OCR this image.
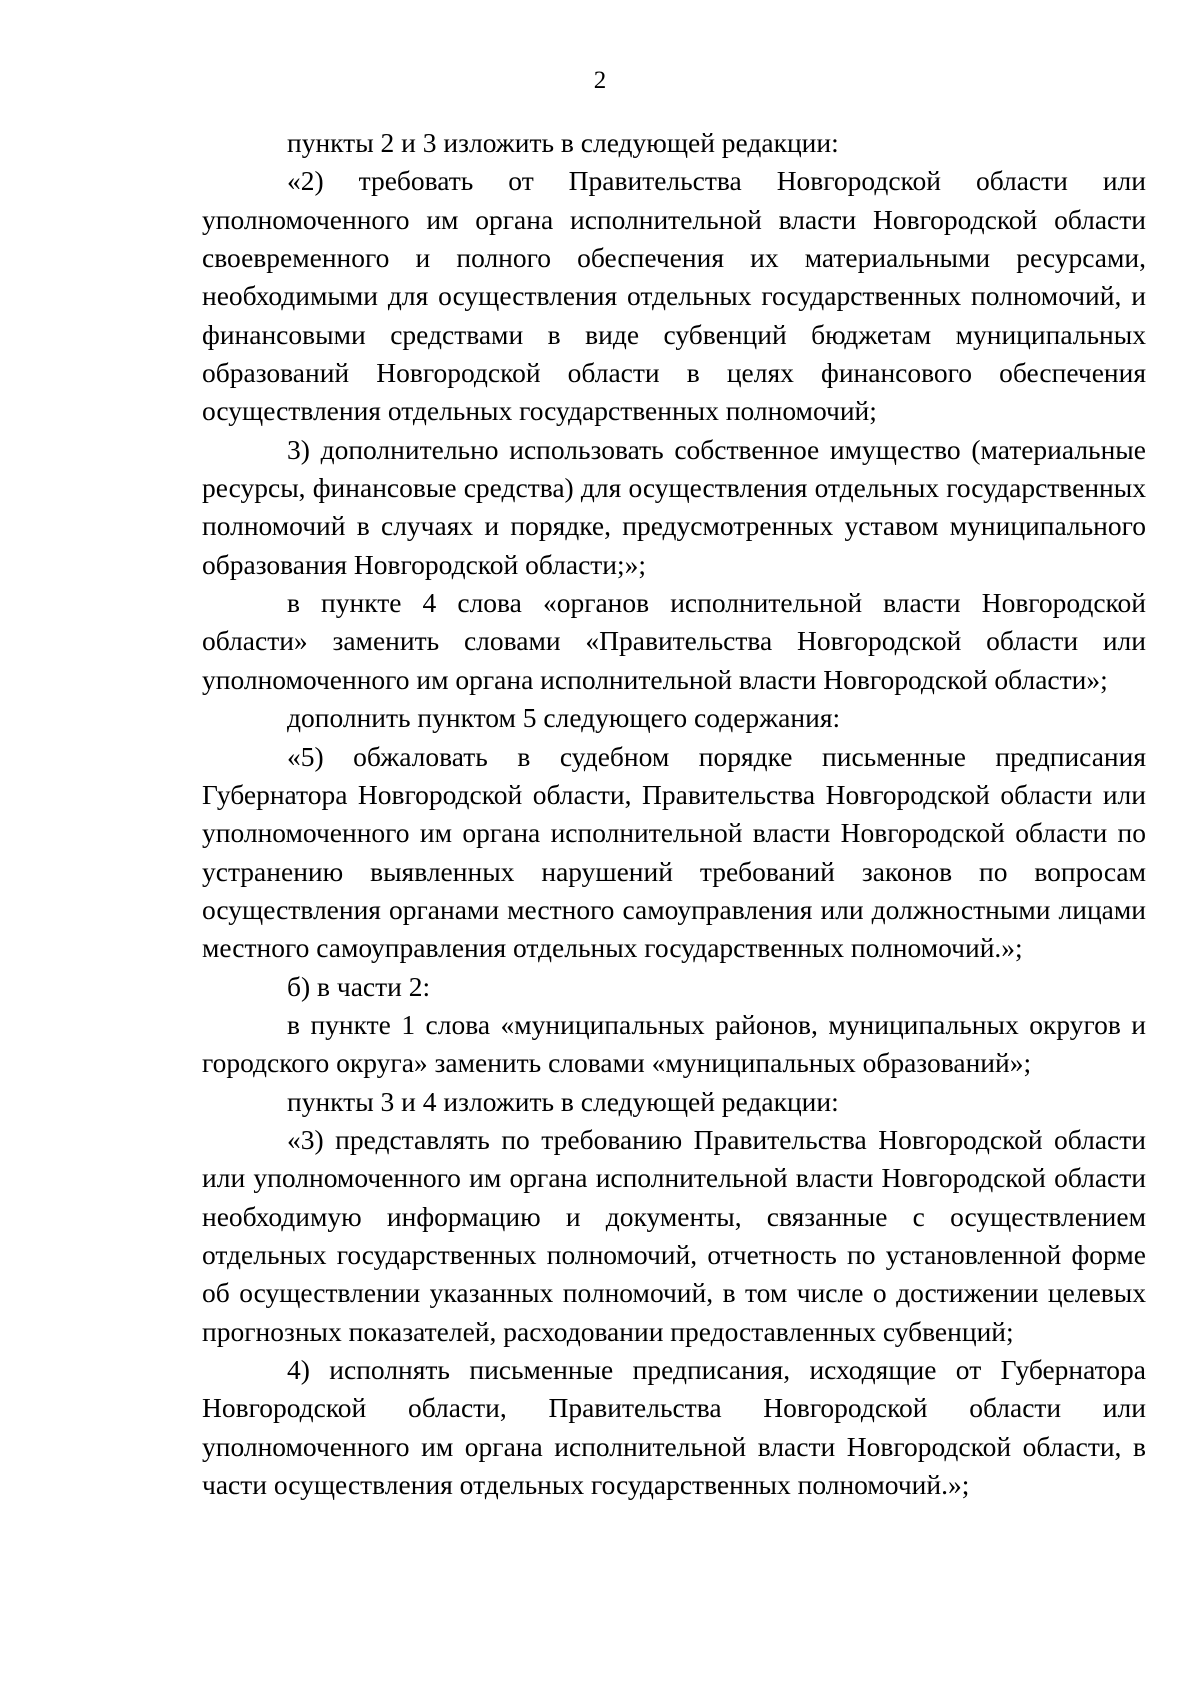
2

пункты 2 и 3 изложить в следующей редакции:

«2) требовать от Правительства Новгородской области или уполномоченного им органа исполнительной власти Новгородской области своевременного и полного обеспечения их материальными ресурсами, необходимыми для осуществления отдельных государственных полномочий, и финансовыми средствами в виде субвенций бюджетам муниципальных образований Новгородской области в целях финансового обеспечения осуществления отдельных государственных полномочий;

3) дополнительно использовать собственное имущество (материальные ресурсы, финансовые средства) для осуществления отдельных государственных полномочий в случаях и порядке, предусмотренных уставом муниципального образования Новгородской области;»;

в пункте 4 слова «органов исполнительной власти Новгородской области» заменить словами «Правительства Новгородской области или уполномоченного им органа исполнительной власти Новгородской области»;

дополнить пунктом 5 следующего содержания:

«5) обжаловать в судебном порядке письменные предписания Губернатора Новгородской области, Правительства Новгородской области или уполномоченного им органа исполнительной власти Новгородской области по устранению выявленных нарушений требований законов по вопросам осуществления органами местного самоуправления или должностными лицами местного самоуправления отдельных государственных полномочий.»;

б) в части 2:

в пункте 1 слова «муниципальных районов, муниципальных округов и городского округа» заменить словами «муниципальных образований»;

пункты 3 и 4 изложить в следующей редакции:

«3) представлять по требованию Правительства Новгородской области или уполномоченного им органа исполнительной власти Новгородской области необходимую информацию и документы, связанные с осуществлением отдельных государственных полномочий, отчетность по установленной форме об осуществлении указанных полномочий, в том числе о достижении целевых прогнозных показателей, расходовании предоставленных субвенций;

4) исполнять письменные предписания, исходящие от Губернатора Новгородской области, Правительства Новгородской области или уполномоченного им органа исполнительной власти Новгородской области, в части осуществления отдельных государственных полномочий.»;
